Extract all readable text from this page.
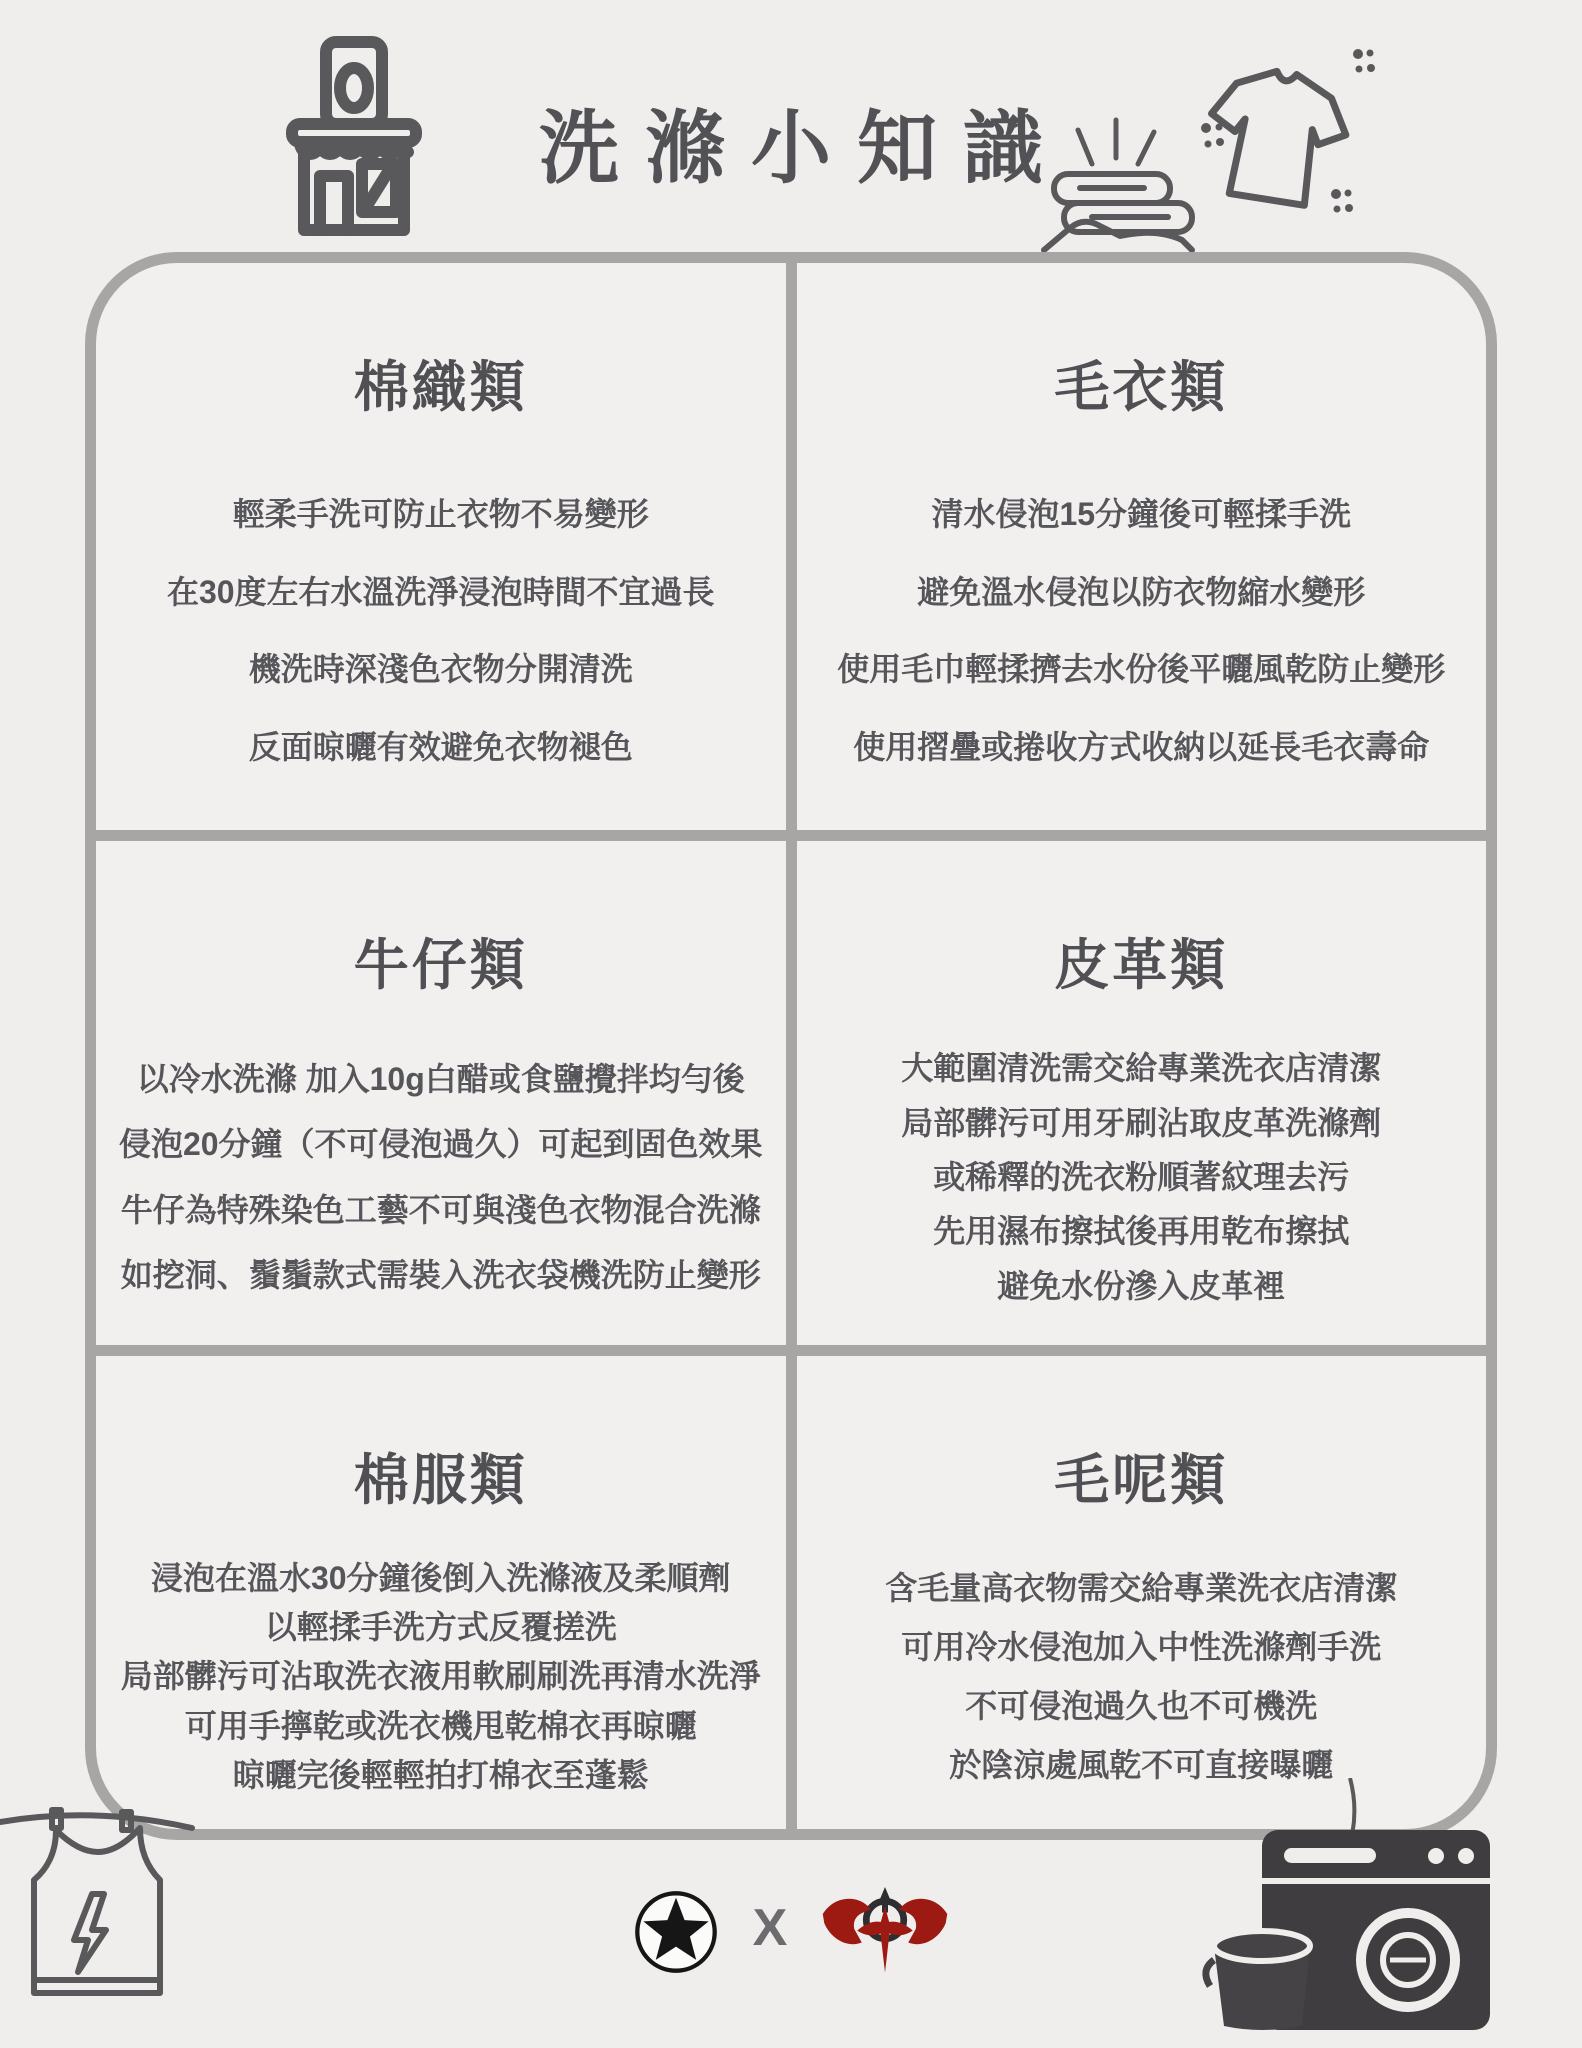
洗滌小知識
棉織類

輕柔手洗可防止衣物不易變形

在30度左右水溫洗淨浸泡時間不宜過長

機洗時深淺色衣物分開清洗

反面晾曬有效避免衣物褪色

毛衣類

清水侵泡15分鐘後可輕揉手洗

避免溫水侵泡以防衣物縮水變形

使用毛巾輕揉擠去水份後平曬風乾防止變形

使用摺疊或捲收方式收納以延長毛衣壽命

牛仔類

以冷水洗滌 加入10g白醋或食鹽攪拌均勻後

侵泡20分鐘（不可侵泡過久）可起到固色效果

牛仔為特殊染色工藝不可與淺色衣物混合洗滌

如挖洞、鬚鬚款式需裝入洗衣袋機洗防止變形

皮革類

大範圍清洗需交給專業洗衣店清潔

局部髒污可用牙刷沾取皮革洗滌劑

或稀釋的洗衣粉順著紋理去污

先用濕布擦拭後再用乾布擦拭

避免水份滲入皮革裡

棉服類

浸泡在溫水30分鐘後倒入洗滌液及柔順劑

以輕揉手洗方式反覆搓洗

局部髒污可沾取洗衣液用軟刷刷洗再清水洗淨

可用手擰乾或洗衣機甩乾棉衣再晾曬

晾曬完後輕輕拍打棉衣至蓬鬆

毛呢類

含毛量高衣物需交給專業洗衣店清潔

可用冷水侵泡加入中性洗滌劑手洗

不可侵泡過久也不可機洗

於陰涼處風乾不可直接曝曬

X
